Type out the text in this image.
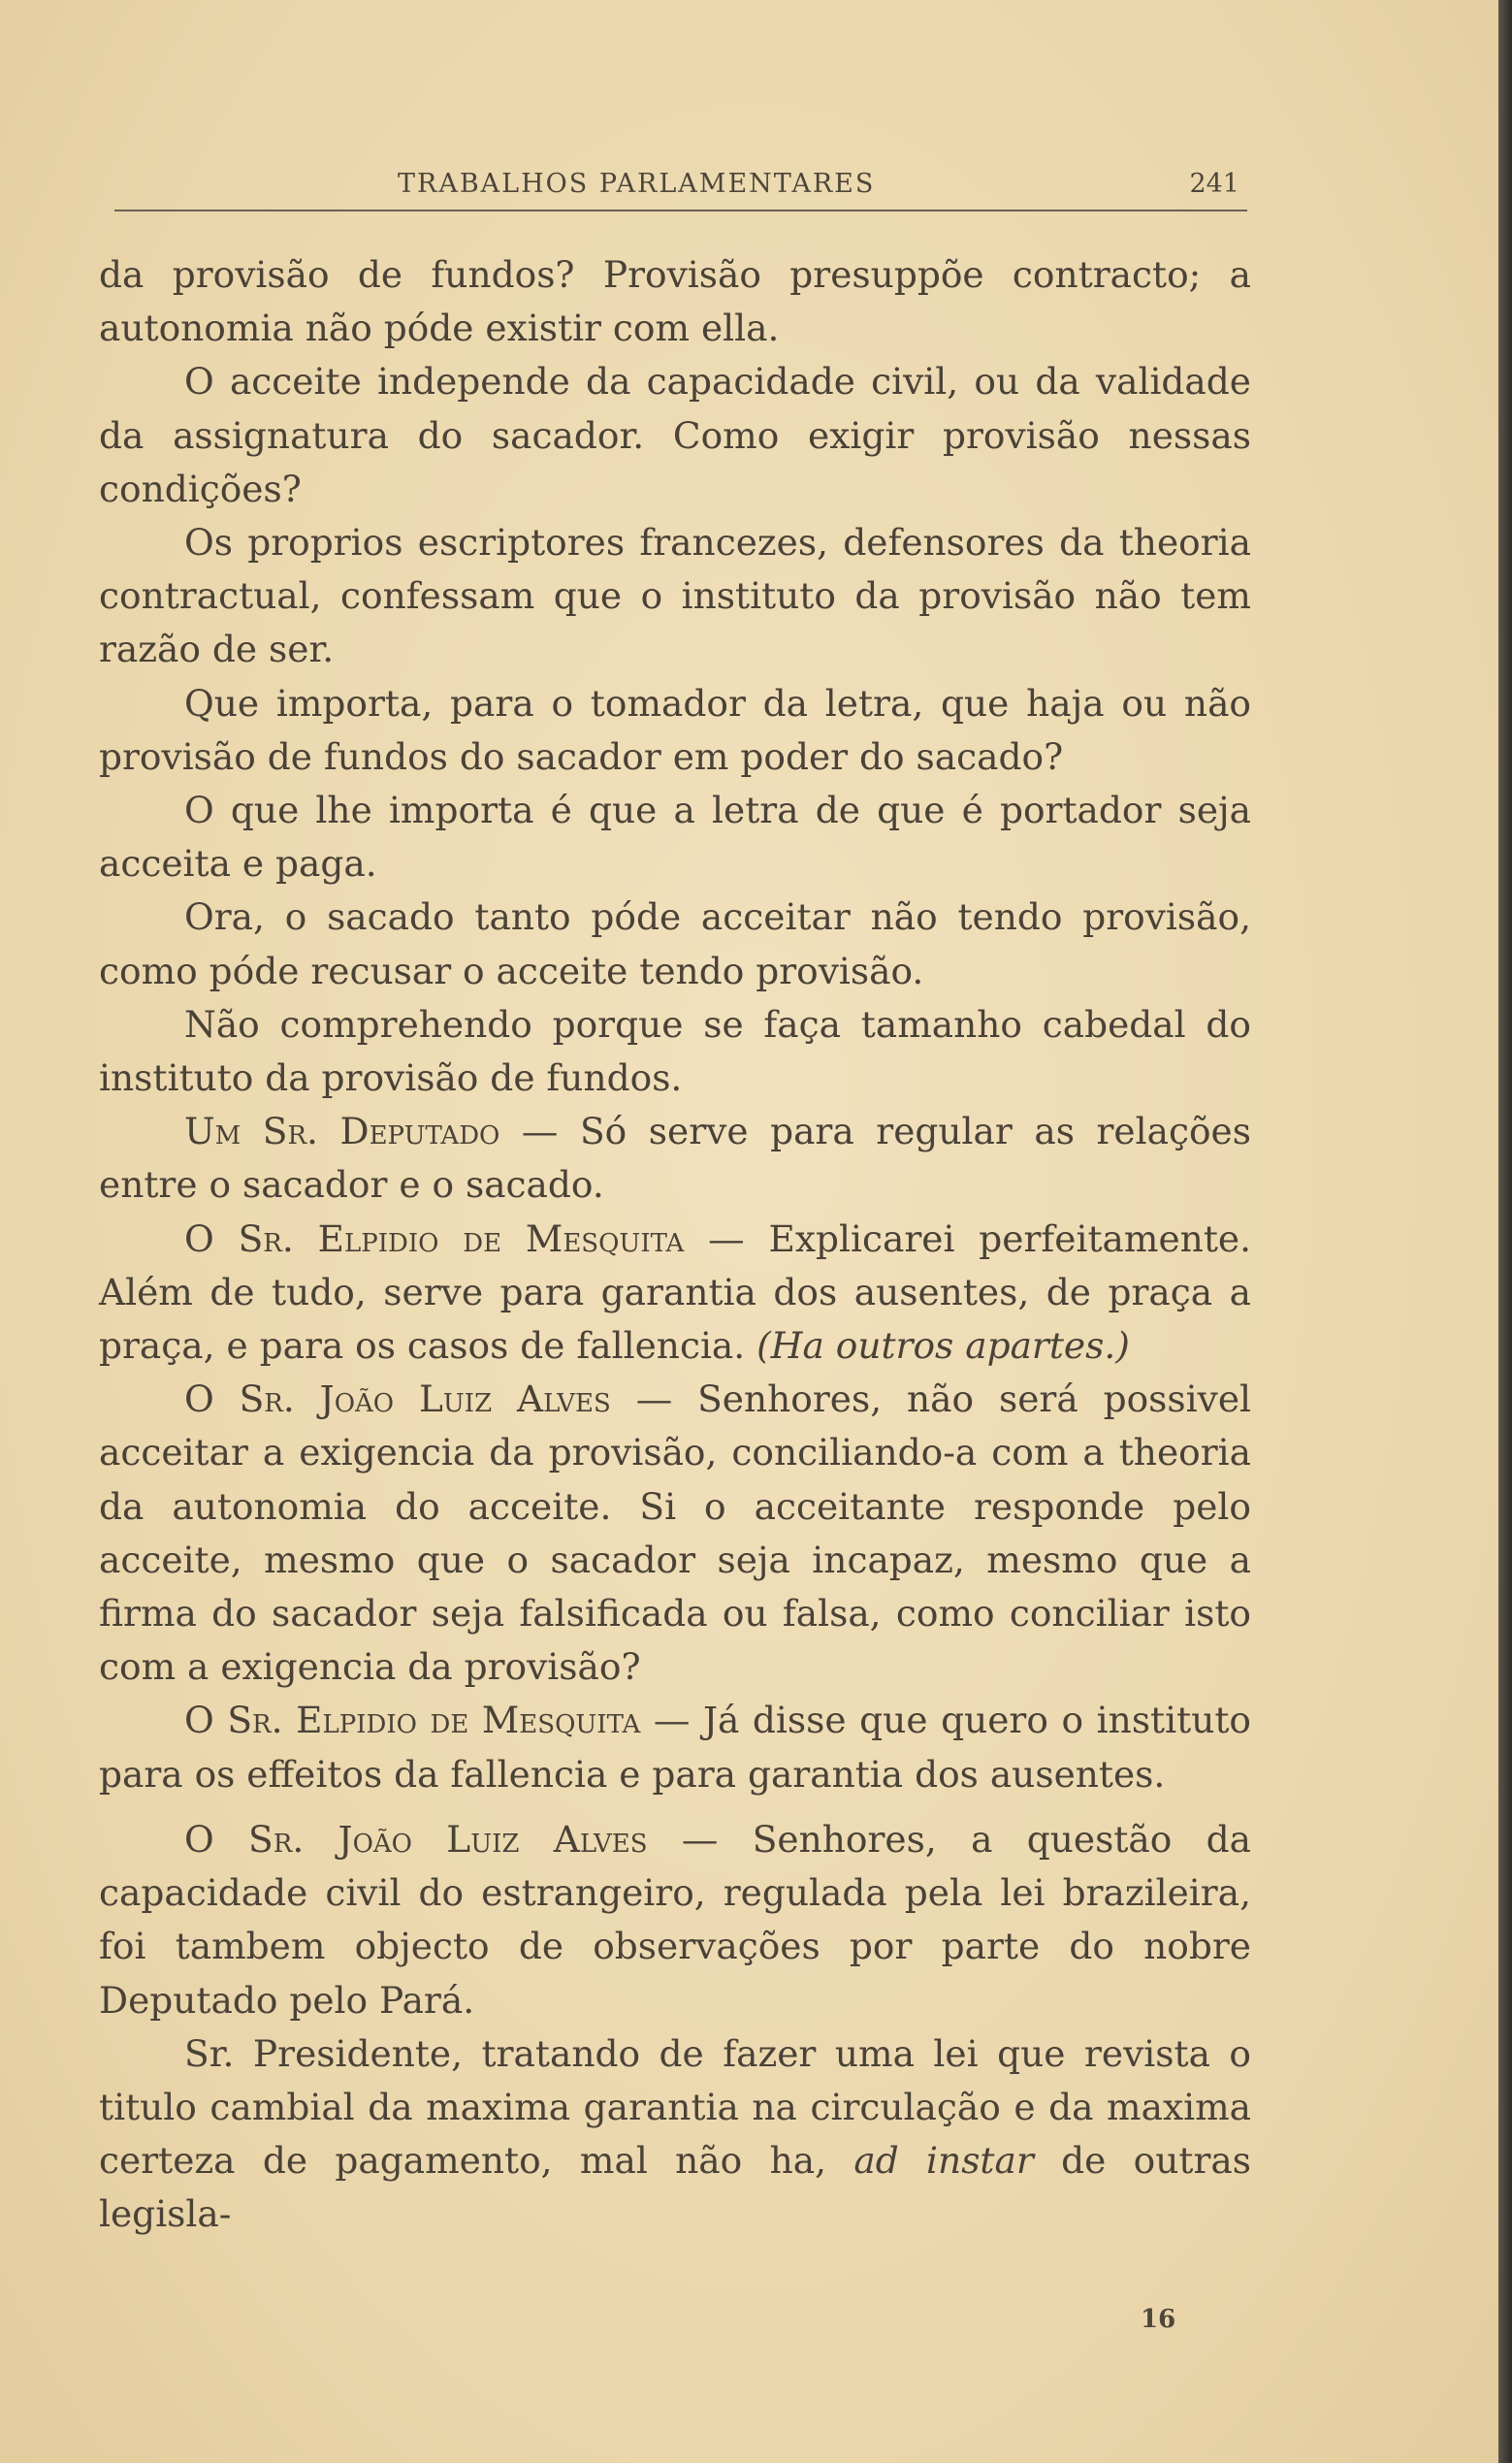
TRABALHOS PARLAMENTARES	241

da provisão de fundos? Provisão presuppõe contracto; a autonomia não póde existir com ella.

O acceite independe da capacidade civil, ou da validade da assignatura do sacador. Como exigir provisão nessas condições?

Os proprios escriptores francezes, defensores da theoria contractual, confessam que o instituto da provisão não tem razão de ser.

Que importa, para o tomador da letra, que haja ou não provisão de fundos do sacador em poder do sacado?

O que lhe importa é que a letra de que é portador seja acceita e paga.

Ora, o sacado tanto póde acceitar não tendo provisão, como póde recusar o acceite tendo provisão.

Não comprehendo porque se faça tamanho cabedal do instituto da provisão de fundos.

Um Sr. Deputado — Só serve para regular as relações entre o sacador e o sacado.

O Sr. Elpidio de Mesquita — Explicarei perfeitamente. Além de tudo, serve para garantia dos ausentes, de praça a praça, e para os casos de fallencia. (Ha outros apartes.)

O Sr. João Luiz Alves — Senhores, não será possivel acceitar a exigencia da provisão, conciliando-a com a theoria da autonomia do acceite. Si o acceitante responde pelo acceite, mesmo que o sacador seja incapaz, mesmo que a firma do sacador seja falsificada ou falsa, como conciliar isto com a exigencia da provisão?

O Sr. Elpidio de Mesquita — Já disse que quero o instituto para os effeitos da fallencia e para garantia dos ausentes.

O Sr. João Luiz Alves — Senhores, a questão da capacidade civil do estrangeiro, regulada pela lei brazileira, foi tambem objecto de observações por parte do nobre Deputado pelo Pará.

Sr. Presidente, tratando de fazer uma lei que revista o titulo cambial da maxima garantia na circulação e da maxima certeza de pagamento, mal não ha, ad instar de outras legisla-

16
